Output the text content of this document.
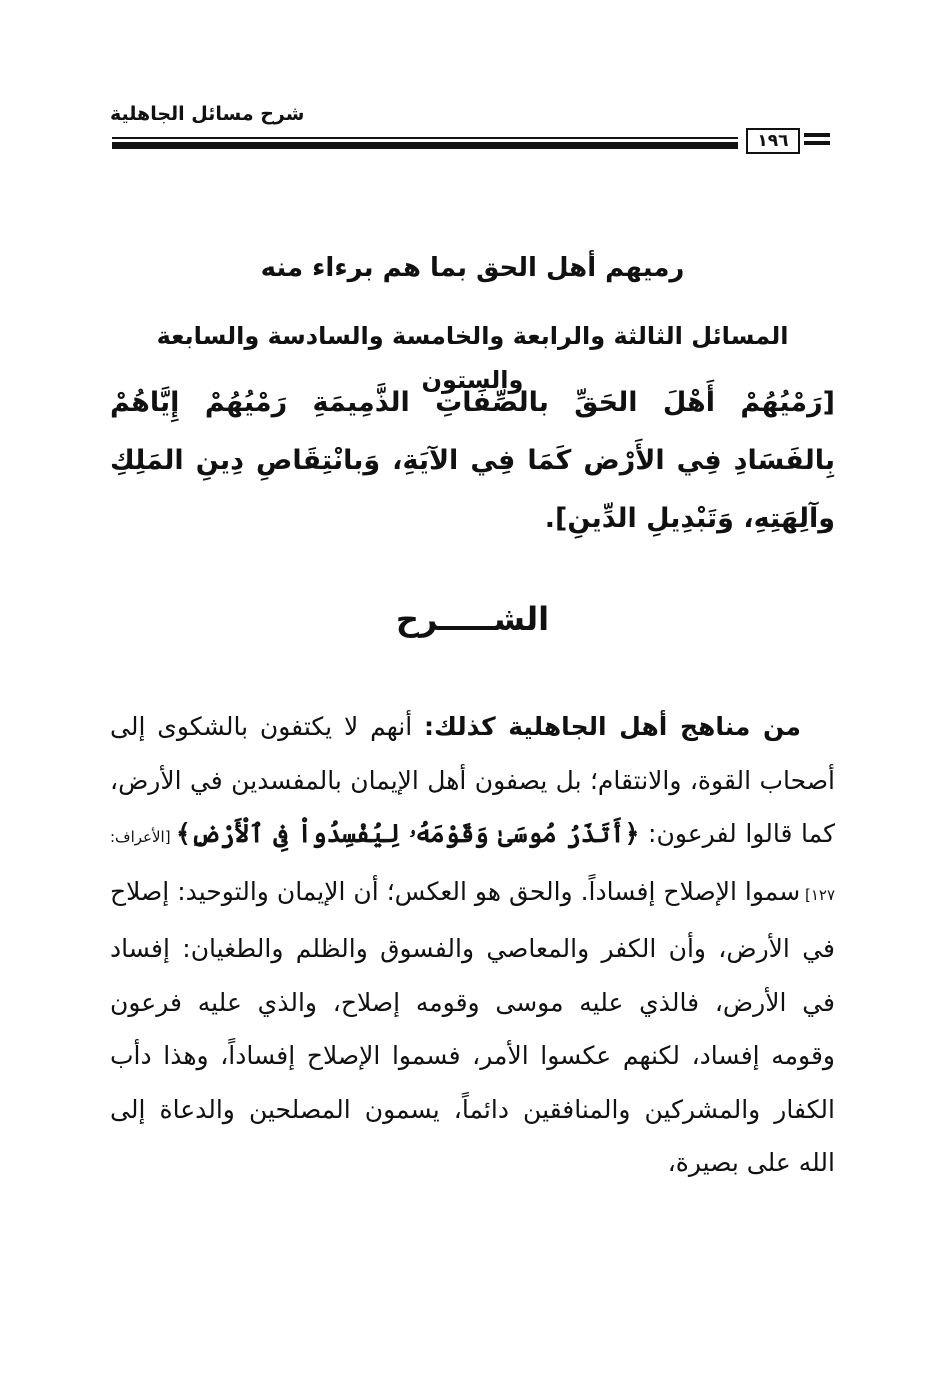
شرح مسائل الجاهلية
١٩٦
رميهم أهل الحق بما هم برءاء منه
المسائل الثالثة والرابعة والخامسة والسادسة والسابعة والستون
[رَمْيُهُمْ أَهْلَ الحَقِّ بالصِّفَاتِ الذَّمِيمَةِ رَمْيُهُمْ إِيَّاهُمْ بِالفَسَادِ فِي الأَرْض كَمَا فِي الآيَةِ، وَبانْتِقَاصِ دِينِ المَلِكِ وآلِهَتِهِ، وَتَبْدِيلِ الدِّينِ].
الشـــــرح
من مناهج أهل الجاهلية كذلك: أنهم لا يكتفون بالشكوى إلى أصحاب القوة، والانتقام؛ بل يصفون أهل الإيمان بالمفسدين في الأرض، كما قالوا لفرعون: ﴿أَتَذَرُ مُوسَىٰ وَقَوْمَهُۥ لِيُفْسِدُواْ فِى ٱلْأَرْضِ﴾ [الأعراف: ١٢٧] سموا الإصلاح إفساداً. والحق هو العكس؛ أن الإيمان والتوحيد: إصلاح في الأرض، وأن الكفر والمعاصي والفسوق والظلم والطغيان: إفساد في الأرض، فالذي عليه موسى وقومه إصلاح، والذي عليه فرعون وقومه إفساد، لكنهم عكسوا الأمر، فسموا الإصلاح إفساداً، وهذا دأب الكفار والمشركين والمنافقين دائماً، يسمون المصلحين والدعاة إلى الله على بصيرة،
